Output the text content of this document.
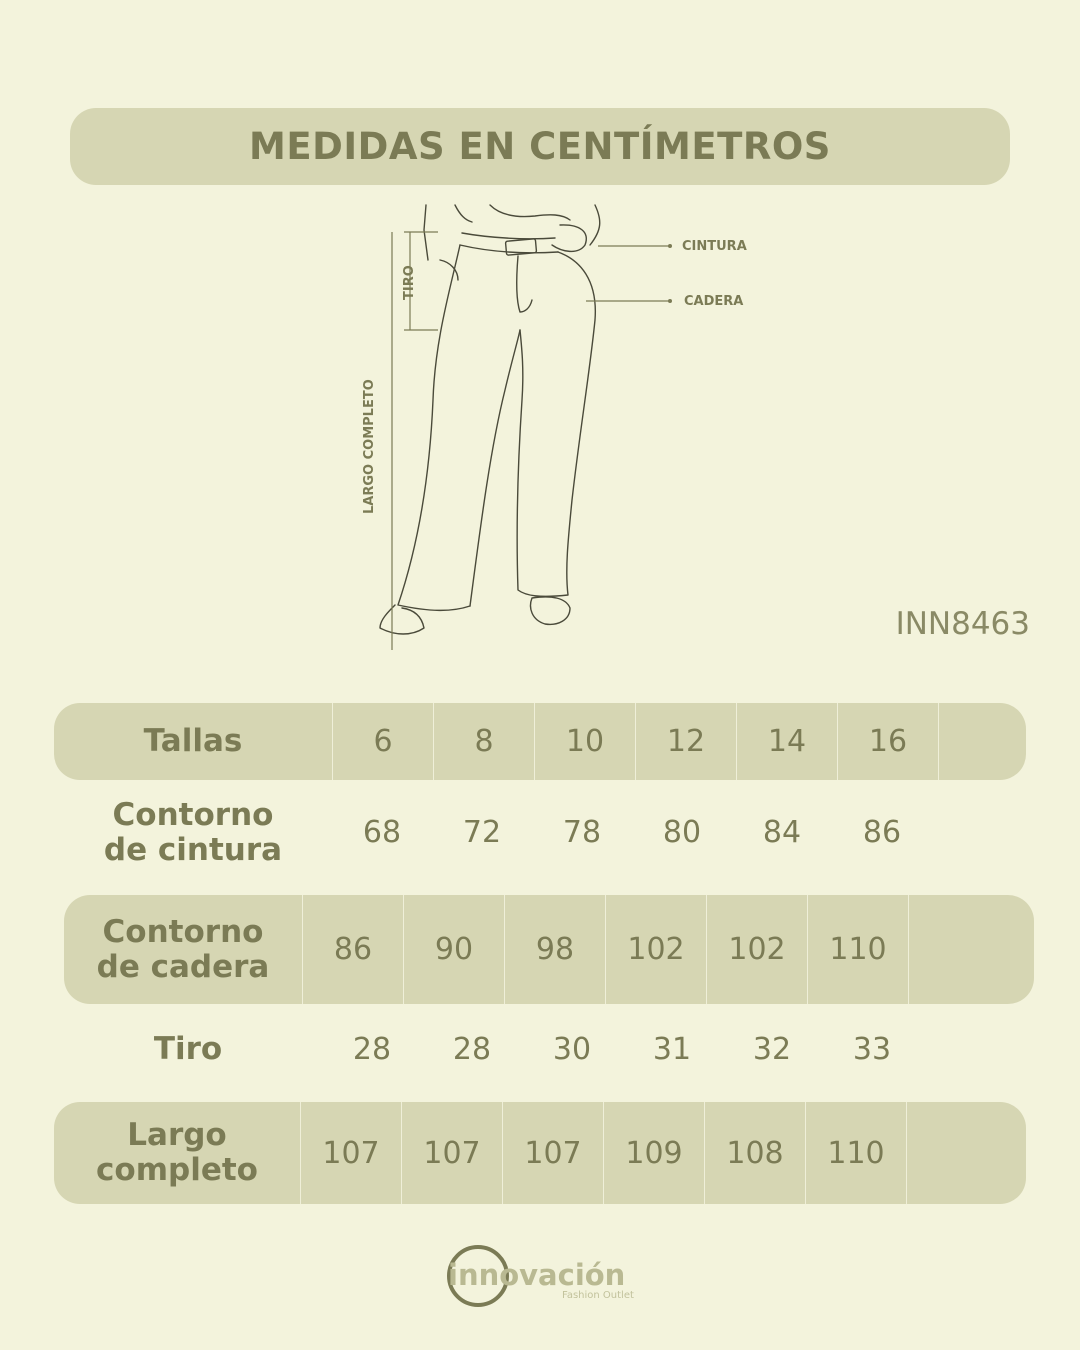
MEDIDAS EN CENTÍMETROS
CINTURA
CADERA
TIRO
LARGO COMPLETO
INN8463
Tallas	6	8	10	12	14	16
Contorno
de cintura	68	72	78	80	84	86
Contorno
de cadera	86	90	98	102	102	110
Tiro	28	28	30	31	32	33
Largo
completo	107	107	107	109	108	110
innovación
Fashion Outlet
